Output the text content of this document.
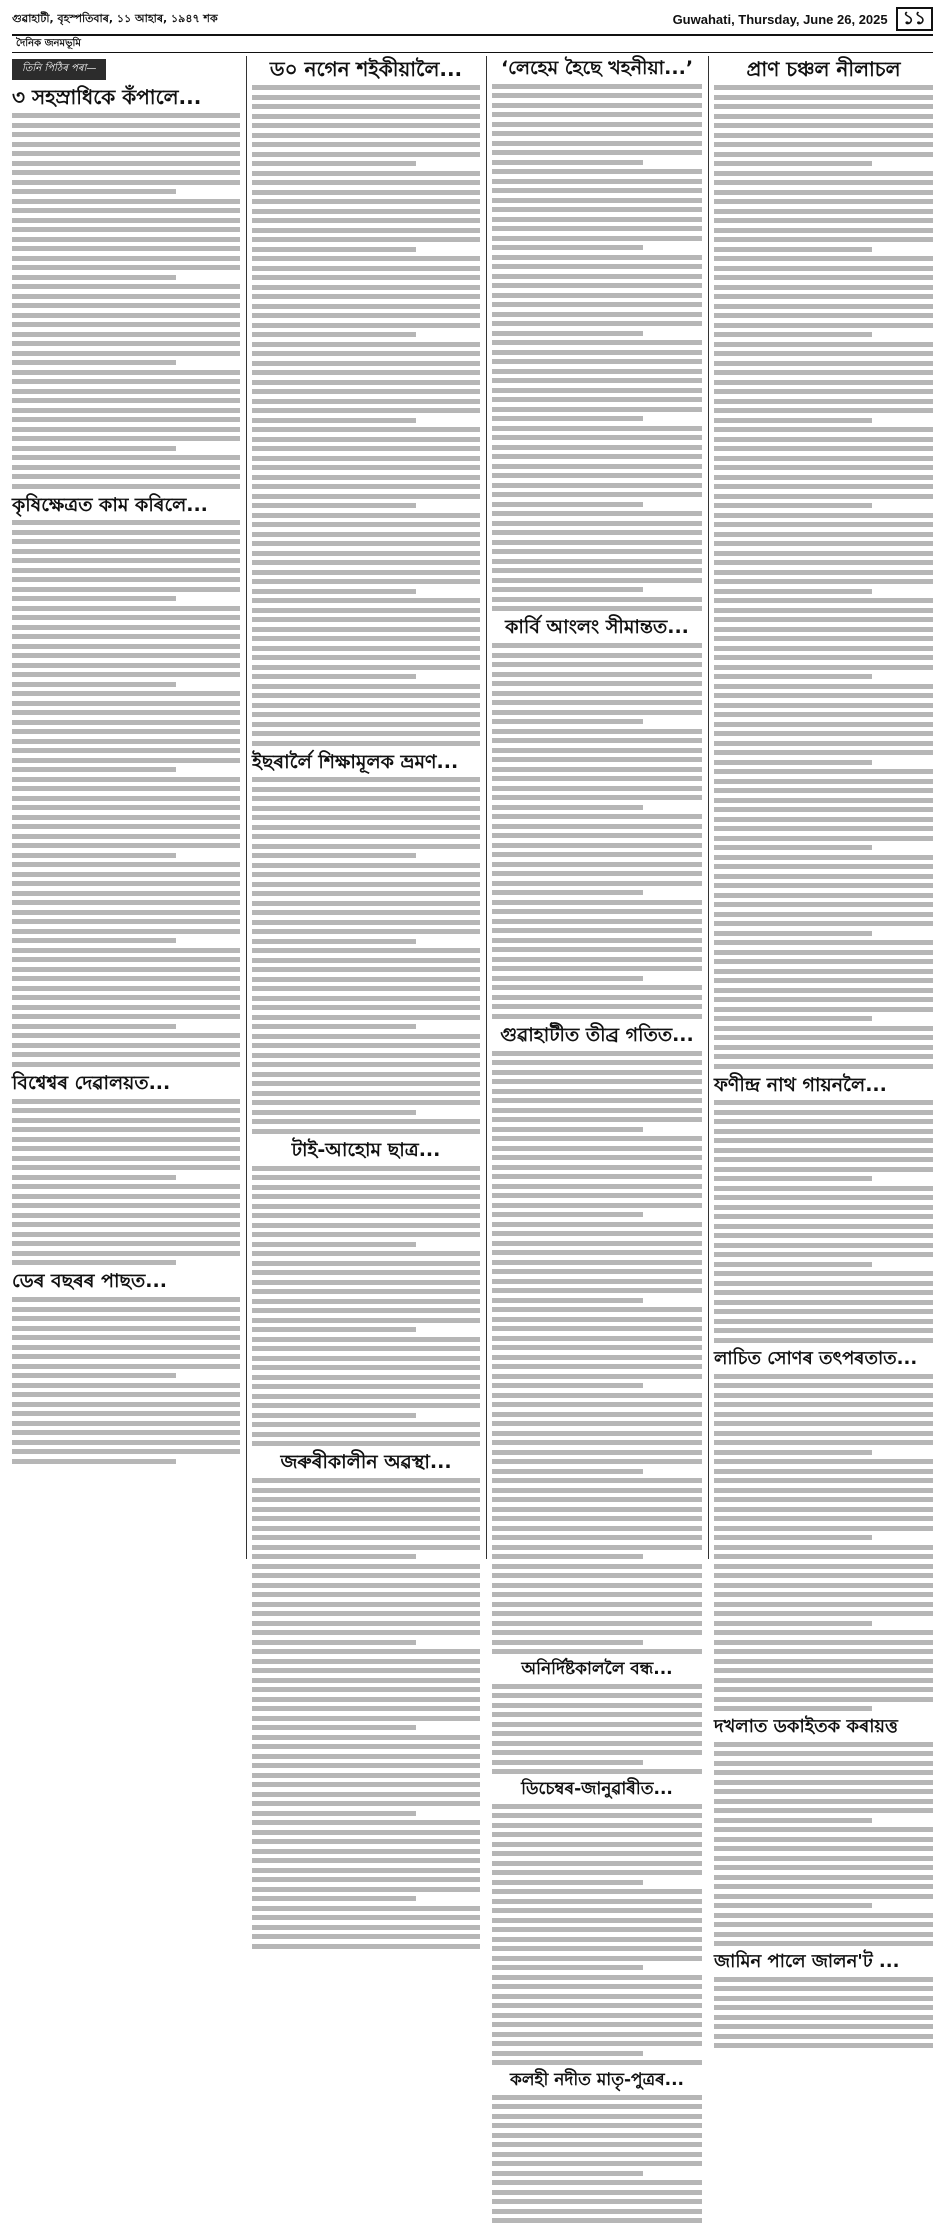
গুৱাহাটী, বৃহস্পতিবাৰ, ১১ আহাৰ, ১৯৪৭ শক	Guwahati, Thursday, June 26, 2025 ১১
দৈনিক জনমভূমি
তিনি পিঠিৰ পৰা—
৩ সহস্ৰাধিকে কঁপালে...
কৃষিক্ষেত্ৰত কাম কৰিলে...
বিশ্বেশ্বৰ দেৱালয়ত...
ডেৰ বছৰৰ পাছত...
ড০ নগেন শইকীয়ালৈ...
ইছৰাৰ্লৈ শিক্ষামূলক ভ্ৰমণ...
টাই-আহোম ছাত্ৰ...
জৰুৰীকালীন অৱস্থা...
‘লেহেম হৈছে খহনীয়া...’
কাৰ্বি আংলং সীমান্তত...
গুৱাহাটীত তীব্ৰ গতিত...
অনিৰ্দিষ্টকাললৈ বন্ধ...
ডিচেম্বৰ-জানুৱাৰীত...
কলহী নদীত মাতৃ-পুত্ৰৰ...
প্ৰাণ চঞ্চল নীলাচল
ফণীন্দ্ৰ নাথ গায়নলৈ...
লাচিত সোণৰ তৎপৰতাত...
দখলাত ডকাইতক কৰায়ত্ত
জামিন পালে জালন'ট ...
